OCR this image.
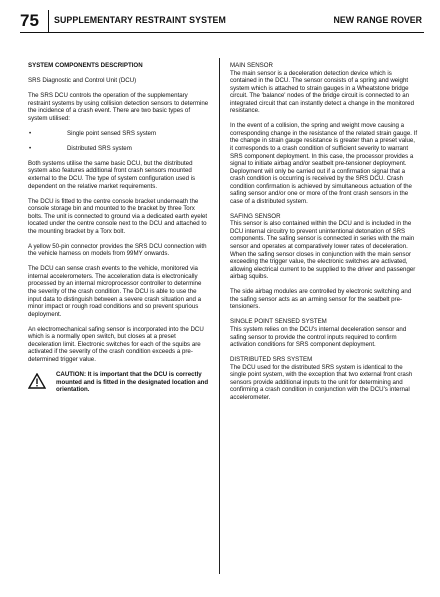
75	SUPPLEMENTARY RESTRAINT SYSTEM	NEW RANGE ROVER
SYSTEM COMPONENTS DESCRIPTION
SRS Diagnostic and Control Unit (DCU)

The SRS DCU controls the operation of the supplementary restraint systems by using collision detection sensors to determine the incidence of a crash event. There are two basic types of system utilised:

•	Single point sensed SRS system
•	Distributed SRS system

Both systems utilise the same basic DCU, but the distributed system also features additional front crash sensors mounted external to the DCU. The type of system configuration used is dependent on the relative market requirements.

The DCU is fitted to the centre console bracket underneath the console storage bin and mounted to the bracket by three Torx bolts. The unit is connected to ground via a dedicated earth eyelet located under the centre console next to the DCU and attached to the mounting bracket by a Torx bolt.

A yellow 50-pin connector provides the SRS DCU connection with the vehicle harness on models from 99MY onwards.

The DCU can sense crash events to the vehicle, monitored via internal accelerometers. The acceleration data is electronically processed by an internal microprocessor controller to determine the severity of the crash condition. The DCU is able to use the input data to distinguish between a severe crash situation and a minor impact or rough road conditions and so prevent spurious deployment.

An electromechanical safing sensor is incorporated into the DCU which is a normally open switch, but closes at a preset deceleration limit. Electronic switches for each of the squibs are activated if the severity of the crash condition exceeds a pre-determined trigger value.

CAUTION: It is important that the DCU is correctly mounted and is fitted in the designated location and orientation.
MAIN SENSOR

The main sensor is a deceleration detection device which is contained in the DCU. The sensor consists of a spring and weight system which is attached to strain gauges in a Wheatstone bridge circuit. The 'balance' nodes of the bridge circuit is connected to an integrated circuit that can instantly detect a change in the monitored resistance.

In the event of a collision, the spring and weight move causing a corresponding change in the resistance of the related strain gauge. If the change in strain gauge resistance is greater than a preset value, it corresponds to a crash condition of sufficient severity to warrant SRS component deployment. In this case, the processor provides a signal to initiate airbag and/or seatbelt pre-tensioner deployment. Deployment will only be carried out if a confirmation signal that a crash condition is occurring is received by the SRS DCU. Crash condition confirmation is achieved by simultaneous actuation of the safing sensor and/or one or more of the front crash sensors in the case of a distributed system.

SAFING SENSOR

This sensor is also contained within the DCU and is included in the DCU internal circuitry to prevent unintentional detonation of SRS components. The safing sensor is connected in series with the main sensor and operates at comparatively lower rates of deceleration. When the safing sensor closes in conjunction with the main sensor exceeding the trigger value, the electronic switches are activated, allowing electrical current to be supplied to the driver and passenger airbag squibs.

The side airbag modules are controlled by electronic switching and the safing sensor acts as an arming sensor for the seatbelt pre-tensioners.

SINGLE POINT SENSED SYSTEM

This system relies on the DCU's internal deceleration sensor and safing sensor to provide the control inputs required to confirm activation conditions for SRS component deployment.

DISTRIBUTED SRS SYSTEM

The DCU used for the distributed SRS system is identical to the single point system, with the exception that two external front crash sensors provide additional inputs to the unit for determining and confirming a crash condition in conjunction with the DCU's internal accelerometer.
